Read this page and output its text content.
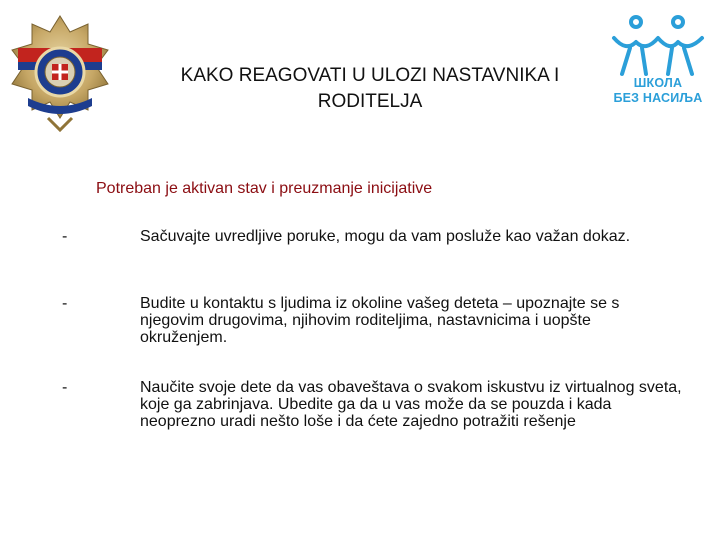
KAKO REAGOVATI U ULOZI NASTAVNIKA I
RODITELJA
ШКОЛА
БЕЗ НАСИЉА
Potreban je aktivan stav i preuzmanje inicijative
-	Sačuvajte uvredljive poruke, mogu da vam posluže kao važan dokaz.
-	Budite u kontaktu s ljudima iz okoline vašeg deteta – upoznajte se s njegovim drugovima, njihovim roditeljima, nastavnicima i uopšte okruženjem.
-	Naučite svoje dete da vas obaveštava o svakom iskustvu iz virtualnog sveta, koje ga zabrinjava. Ubedite ga da u vas može da se pouzda i kada neoprezno uradi nešto loše i da ćete zajedno potražiti rešenje
